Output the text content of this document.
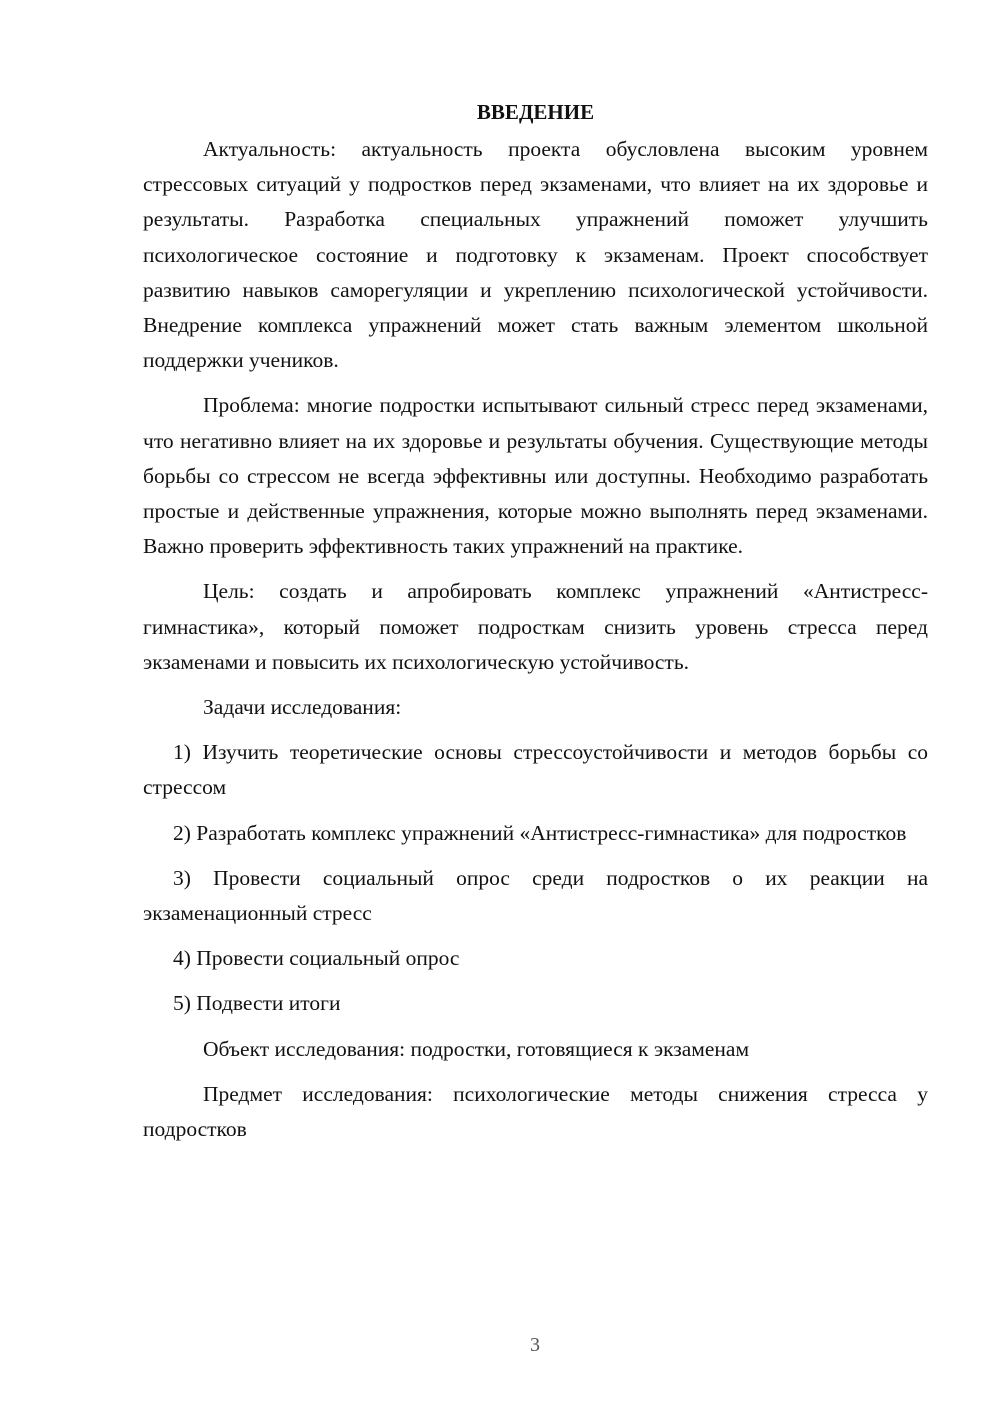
ВВЕДЕНИЕ

Актуальность: актуальность проекта обусловлена высоким уровнем стрессовых ситуаций у подростков перед экзаменами, что влияет на их здоровье и результаты. Разработка специальных упражнений поможет улучшить психологическое состояние и подготовку к экзаменам. Проект способствует развитию навыков саморегуляции и укреплению психологической устойчивости. Внедрение комплекса упражнений может стать важным элементом школьной поддержки учеников.

Проблема: многие подростки испытывают сильный стресс перед экзаменами, что негативно влияет на их здоровье и результаты обучения. Существующие методы борьбы со стрессом не всегда эффективны или доступны. Необходимо разработать простые и действенные упражнения, которые можно выполнять перед экзаменами. Важно проверить эффективность таких упражнений на практике.

Цель: создать и апробировать комплекс упражнений «Антистресс-гимнастика», который поможет подросткам снизить уровень стресса перед экзаменами и повысить их психологическую устойчивость.

Задачи исследования:

1) Изучить теоретические основы стрессоустойчивости и методов борьбы со стрессом

2) Разработать комплекс упражнений «Антистресс-гимнастика» для подростков

3) Провести социальный опрос среди подростков о их реакции на экзаменационный стресс

4) Провести социальный опрос

5) Подвести итоги

Объект исследования: подростки, готовящиеся к экзаменам

Предмет исследования: психологические методы снижения стресса у подростков

3
